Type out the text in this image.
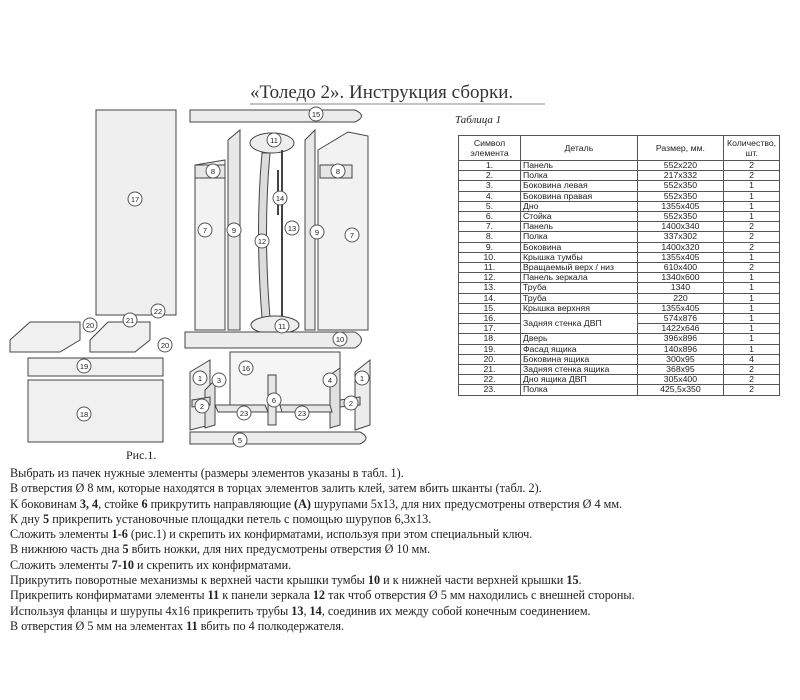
«Толедо 2». Инструкция сборки.
15
17
8	8
7	9	9	7
11
14
12
13
11
10
20
21
22
20
19
18
16
1 3	4	1
2	2
23	23
6
5
Таблица 1
Символ элемента	Деталь	Размер, мм.	Количество, шт.
1.	Панель	552х220	2
2.	Полка	217х332	2
3.	Боковина левая	552х350	1
4.	Боковина правая	552х350	1
5.	Дно	1355х405	1
6.	Стойка	552х350	1
7.	Панель	1400х340	2
8.	Полка	337х302	2
9.	Боковина	1400х320	2
10.	Крышка тумбы	1355х405	1
11.	Вращаемый верх / низ	610х400	2
12.	Панель зеркала	1340х600	1
13.	Труба	1340	1
14.	Труба	220	1
15.	Крышка верхняя	1355х405	1
16.	Задняя стенка ДВП	574х876	1
17.		1422х646	1
18.	Дверь	396х896	1
19.	Фасад ящика	140х896	1
20.	Боковина ящика	300х95	4
21.	Задняя стенка ящика	368х95	2
22.	Дно ящика ДВП	305х400	2
23.	Полка	425,5х350	2
Рис.1.

Выбрать из пачек нужные элементы (размеры элементов указаны в табл. 1).

В отверстия Ø 8 мм, которые находятся в торцах элементов залить клей, затем вбить шканты (табл. 2).

К боковинам 3, 4, стойке 6 прикрутить направляющие (А) шурупами 5х13, для них предусмотрены отверстия Ø 4 мм.

К дну 5 прикрепить установочные площадки петель с помощью шурупов 6,3х13.

Сложить элементы 1-6 (рис.1) и скрепить их конфирматами, используя при этом специальный ключ.

В нижнюю часть дна 5 вбить ножки, для них предусмотрены отверстия Ø 10 мм.

Сложить элементы 7-10 и скрепить их конфирматами.

Прикрутить поворотные механизмы к верхней части крышки тумбы 10 и к нижней части верхней крышки 15.

Прикрепить конфирматами элементы 11 к панели зеркала 12 так чтоб отверстия Ø 5 мм находились с внешней стороны.

Используя фланцы и шурупы 4х16 прикрепить трубы 13, 14, соединив их между собой конечным соединением.

В отверстия Ø 5 мм на элементах 11 вбить по 4 полкодержателя.
